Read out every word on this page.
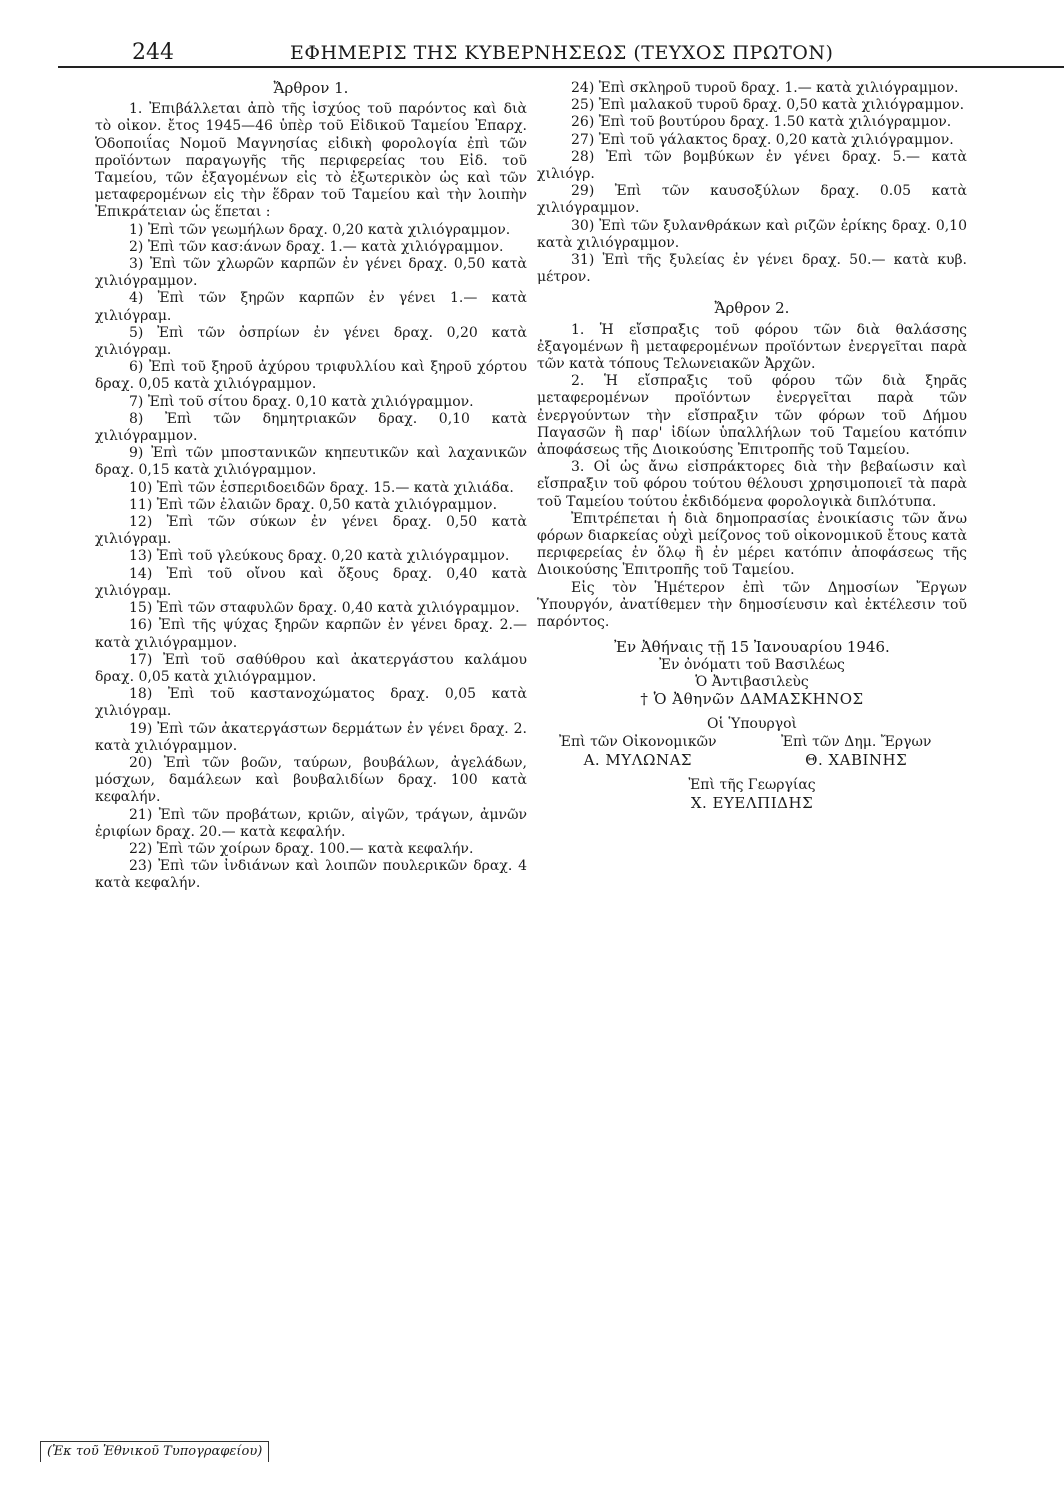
244	ΕΦΗΜΕΡΙΣ ΤΗΣ ΚΥΒΕΡΝΗΣΕΩΣ (ΤΕΥΧΟΣ ΠΡΩΤΟΝ)

Ἄρθρον 1.

1. Ἐπιβάλλεται ἀπὸ τῆς ἰσχύος τοῦ παρόντος καὶ διὰ τὸ οἰκον. ἔτος 1945—46 ὑπὲρ τοῦ Εἰδικοῦ Ταμείου Ἐπαρχ. Ὁδοποιΐας Νομοῦ Μαγνησίας εἰδικὴ φορολογία ἐπὶ τῶν προϊόντων παραγωγῆς τῆς περιφερείας του Εἰδ. τοῦ Ταμείου, τῶν ἐξαγομένων εἰς τὸ ἐξωτερικὸν ὡς καὶ τῶν μεταφερομένων εἰς τὴν ἕδραν τοῦ Ταμείου καὶ τὴν λοιπὴν Ἐπικράτειαν ὡς ἕπεται :

1) Ἐπὶ τῶν γεωμήλων δραχ. 0,20 κατὰ χιλιόγραμμον.

2) Ἐπὶ τῶν κασ:άνων δραχ. 1.— κατὰ χιλιόγραμμον.

3) Ἐπὶ τῶν χλωρῶν καρπῶν ἐν γένει δραχ. 0,50 κατὰ χιλιόγραμμον.

4) Ἐπὶ τῶν ξηρῶν καρπῶν ἐν γένει 1.— κατὰ χιλιόγραμ.

5) Ἐπὶ τῶν ὀσπρίων ἐν γένει δραχ. 0,20 κατὰ χιλιόγραμ.

6) Ἐπὶ τοῦ ξηροῦ ἀχύρου τριφυλλίου καὶ ξηροῦ χόρτου δραχ. 0,05 κατὰ χιλιόγραμμον.

7) Ἐπὶ τοῦ σίτου δραχ. 0,10 κατὰ χιλιόγραμμον.

8) Ἐπὶ τῶν δημητριακῶν δραχ. 0,10 κατὰ χιλιόγραμμον.

9) Ἐπὶ τῶν μποστανικῶν κηπευτικῶν καὶ λαχανικῶν δραχ. 0,15 κατὰ χιλιόγραμμον.

10) Ἐπὶ τῶν ἑσπεριδοειδῶν δραχ. 15.— κατὰ χιλιάδα.

11) Ἐπὶ τῶν ἐλαιῶν δραχ. 0,50 κατὰ χιλιόγραμμον.

12) Ἐπὶ τῶν σύκων ἐν γένει δραχ. 0,50 κατὰ χιλιόγραμ.

13) Ἐπὶ τοῦ γλεύκους δραχ. 0,20 κατὰ χιλιόγραμμον.

14) Ἐπὶ τοῦ οἴνου καὶ ὄξους δραχ. 0,40 κατὰ χιλιόγραμ.

15) Ἐπὶ τῶν σταφυλῶν δραχ. 0,40 κατὰ χιλιόγραμμον.

16) Ἐπὶ τῆς ψύχας ξηρῶν καρπῶν ἐν γένει δραχ. 2.— κατὰ χιλιόγραμμον.

17) Ἐπὶ τοῦ σαθύθρου καὶ ἀκατεργάστου καλάμου δραχ. 0,05 κατὰ χιλιόγραμμον.

18) Ἐπὶ τοῦ καστανοχώματος δραχ. 0,05 κατὰ χιλιόγραμ.

19) Ἐπὶ τῶν ἀκατεργάστων δερμάτων ἐν γένει δραχ. 2. κατὰ χιλιόγραμμον.

20) Ἐπὶ τῶν βοῶν, ταύρων, βουβάλων, ἀγελάδων, μόσχων, δαμάλεων καὶ βουβαλιδίων δραχ. 100 κατὰ κεφαλήν.

21) Ἐπὶ τῶν προβάτων, κριῶν, αἰγῶν, τράγων, ἀμνῶν ἐριφίων δραχ. 20.— κατὰ κεφαλήν.

22) Ἐπὶ τῶν χοίρων δραχ. 100.— κατὰ κεφαλήν.

23) Ἐπὶ τῶν ἰνδιάνων καὶ λοιπῶν πουλερικῶν δραχ. 4 κατὰ κεφαλήν.

24) Ἐπὶ σκληροῦ τυροῦ δραχ. 1.— κατὰ χιλιόγραμμον.

25) Ἐπὶ μαλακοῦ τυροῦ δραχ. 0,50 κατὰ χιλιόγραμμον.

26) Ἐπὶ τοῦ βουτύρου δραχ. 1.50 κατὰ χιλιόγραμμον.

27) Ἐπὶ τοῦ γάλακτος δραχ. 0,20 κατὰ χιλιόγραμμον.

28) Ἐπὶ τῶν βομβύκων ἐν γένει δραχ. 5.— κατὰ χιλιόγρ.

29) Ἐπὶ τῶν καυσοξύλων δραχ. 0.05 κατὰ χιλιόγραμμον.

30) Ἐπὶ τῶν ξυλανθράκων καὶ ριζῶν ἐρίκης δραχ. 0,10 κατὰ χιλιόγραμμον.

31) Ἐπὶ τῆς ξυλείας ἐν γένει δραχ. 50.— κατὰ κυβ. μέτρον.

Ἄρθρον 2.

1. Ἡ εἴσπραξις τοῦ φόρου τῶν διὰ θαλάσσης ἐξαγομένων ἢ μεταφερομένων προϊόντων ἐνεργεῖται παρὰ τῶν κατὰ τόπους Τελωνειακῶν Ἀρχῶν.

2. Ἡ εἴσπραξις τοῦ φόρου τῶν διὰ ξηρᾶς μεταφερομένων προϊόντων ἐνεργεῖται παρὰ τῶν ἐνεργούντων τὴν εἴσπραξιν τῶν φόρων τοῦ Δήμου Παγασῶν ἢ παρ' ἰδίων ὑπαλλήλων τοῦ Ταμείου κατόπιν ἀποφάσεως τῆς Διοικούσης Ἐπιτροπῆς τοῦ Ταμείου.

3. Οἱ ὡς ἄνω εἰσπράκτορες διὰ τὴν βεβαίωσιν καὶ εἴσπραξιν τοῦ φόρου τούτου θέλουσι χρησιμοποιεῖ τὰ παρὰ τοῦ Ταμείου τούτου ἐκδιδόμενα φορολογικὰ διπλότυπα.

Ἐπιτρέπεται ἡ διὰ δημοπρασίας ἐνοικίασις τῶν ἄνω φόρων διαρκείας οὐχὶ μείζονος τοῦ οἰκονομικοῦ ἔτους κατὰ περιφερείας ἐν ὅλῳ ἢ ἐν μέρει κατόπιν ἀποφάσεως τῆς Διοικούσης Ἐπιτροπῆς τοῦ Ταμείου.

Εἰς τὸν Ἡμέτερον ἐπὶ τῶν Δημοσίων Ἔργων Ὑπουργόν, ἀνατίθεμεν τὴν δημοσίευσιν καὶ ἐκτέλεσιν τοῦ παρόντος.

Ἐν Ἀθήναις τῇ 15 Ἰανουαρίου 1946.

Ἐν ὀνόματι τοῦ Βασιλέως

Ὁ Ἀντιβασιλεὺς

† Ὁ Ἀθηνῶν ΔΑΜΑΣΚΗΝΟΣ

Οἱ Ὑπουργοὶ

Ἐπὶ τῶν Οἰκονομικῶν
Α. ΜΥΛΩΝΑΣ
Ἐπὶ τῶν Δημ. Ἔργων
Θ. ΧΑΒΙΝΗΣ

Ἐπὶ τῆς Γεωργίας

Χ. ΕΥΕΛΠΙΔΗΣ

(Ἐκ τοῦ Ἐθνικοῦ Τυπογραφείου)
